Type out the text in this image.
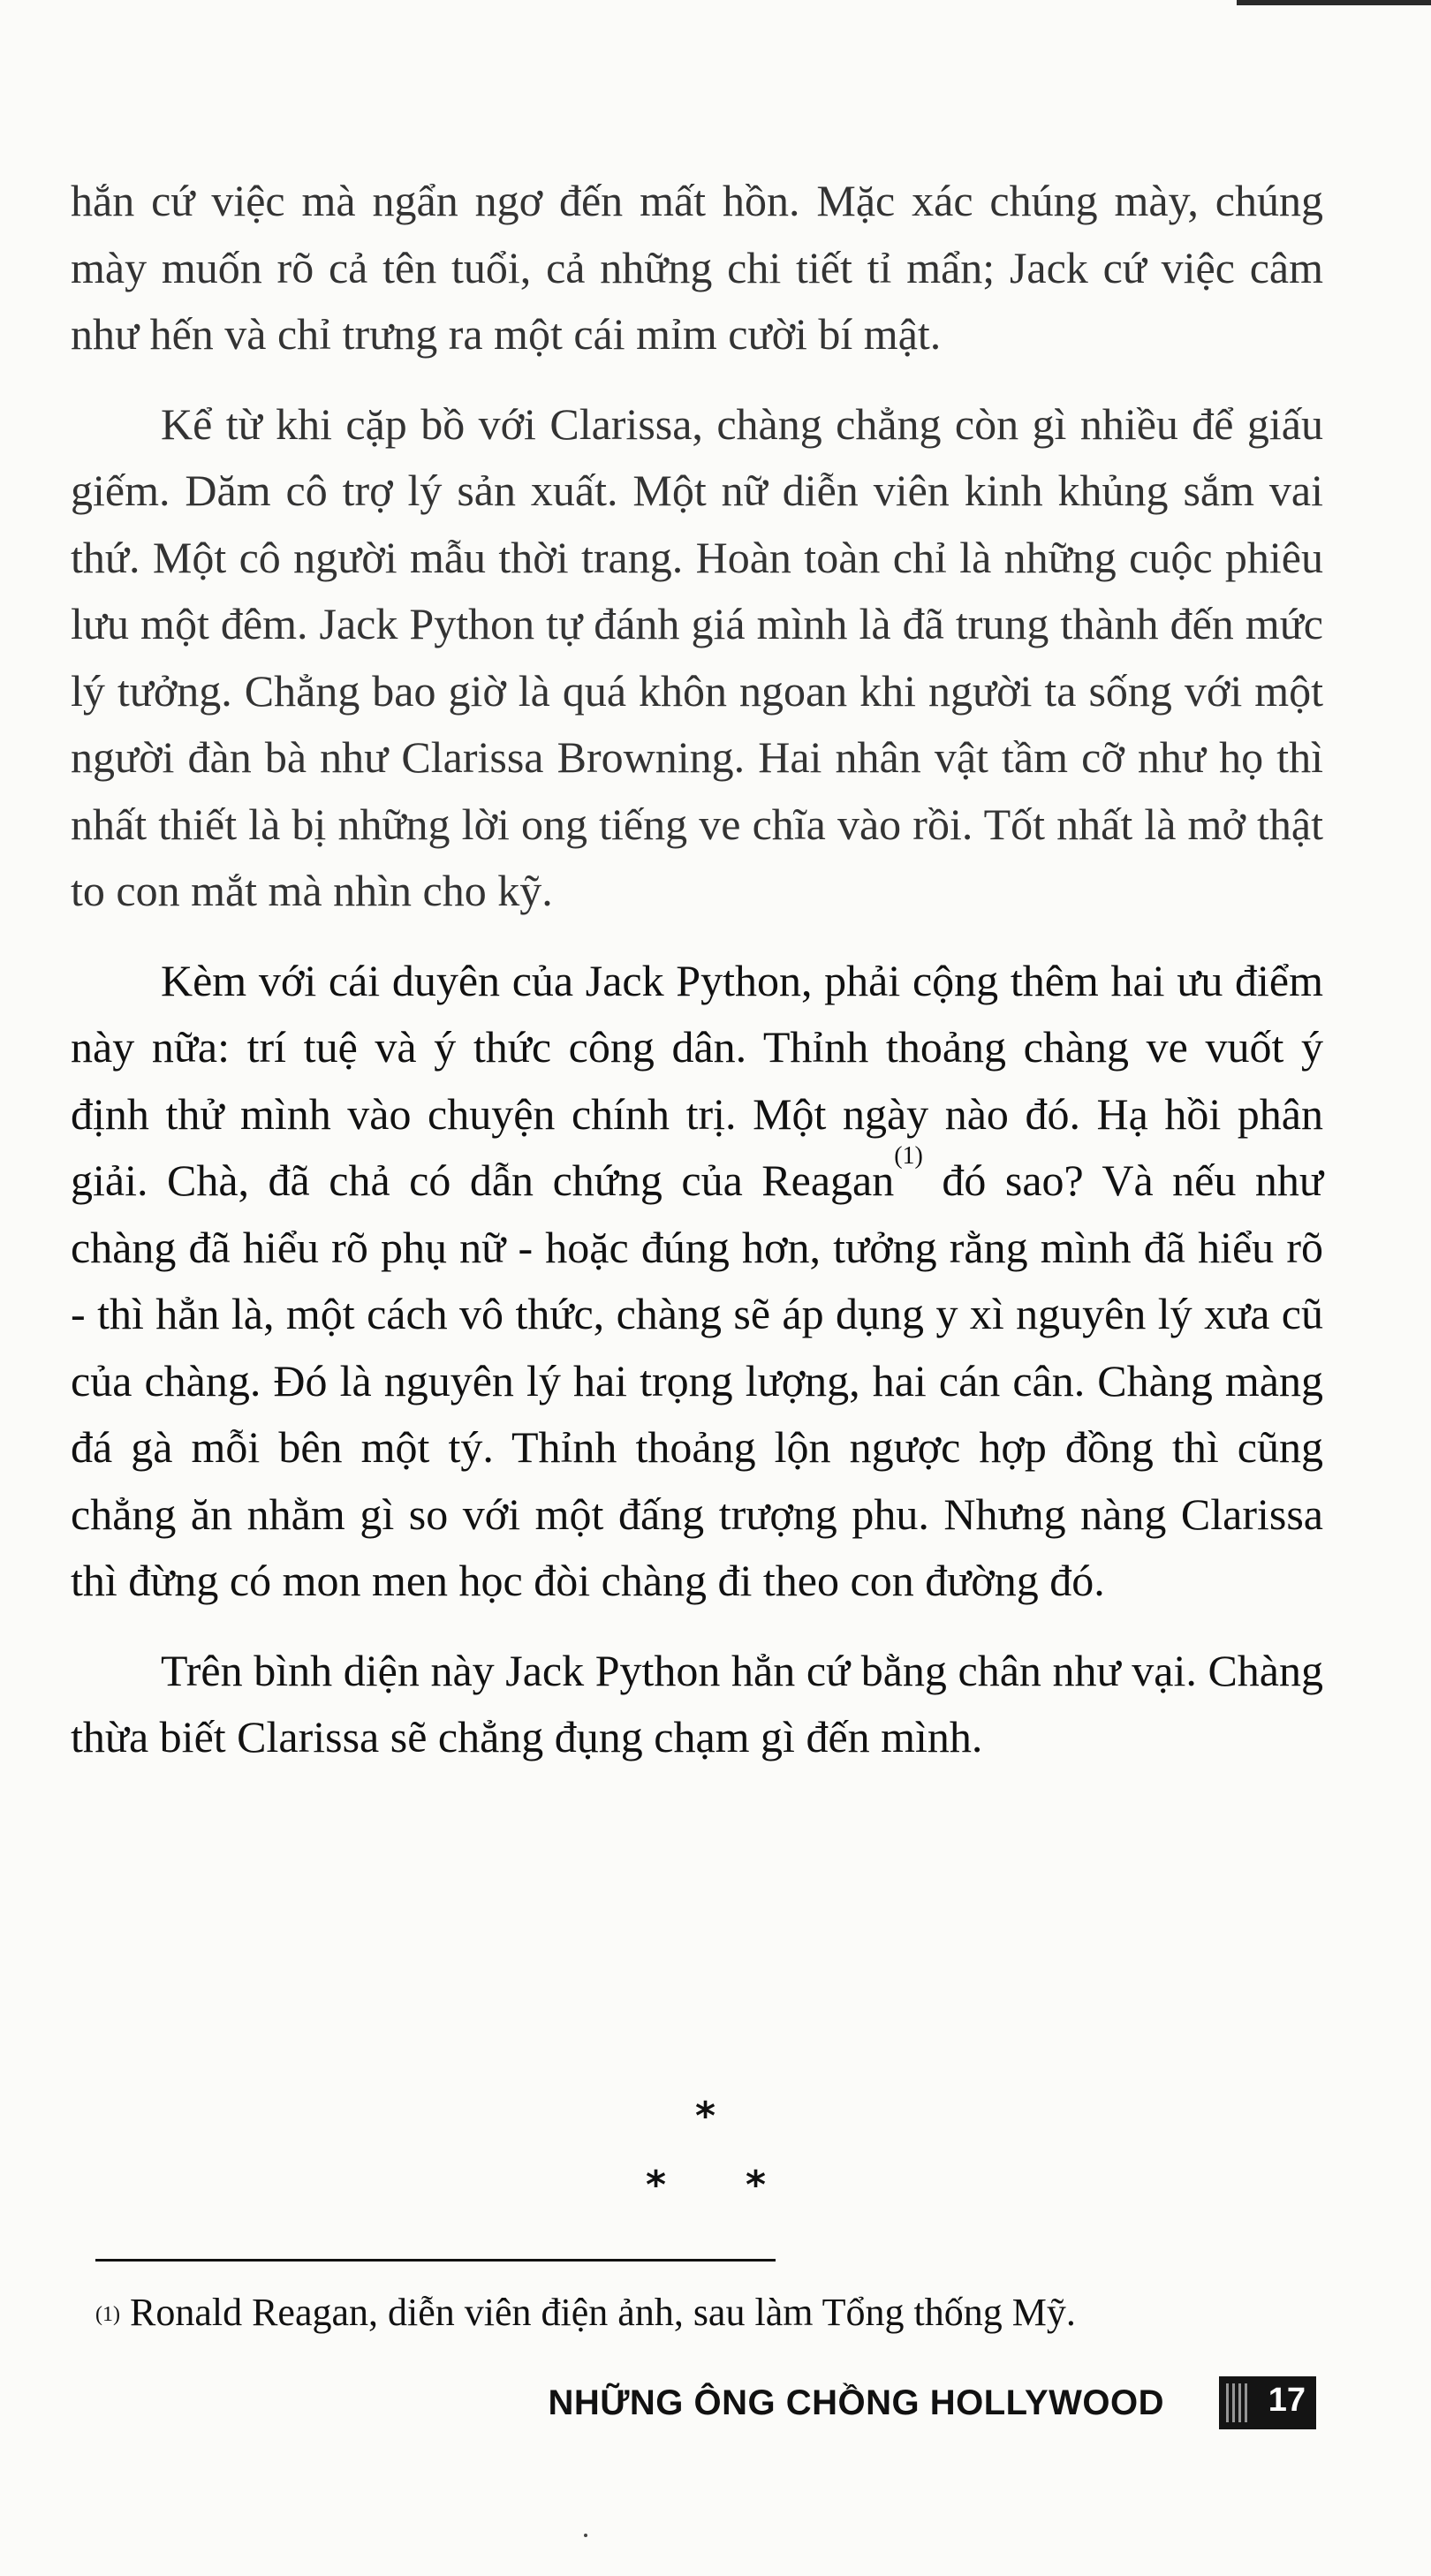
hắn cứ việc mà ngẩn ngơ đến mất hồn. Mặc xác chúng mày, chúng mày muốn rõ cả tên tuổi, cả những chi tiết tỉ mẩn; Jack cứ việc câm như hến và chỉ trưng ra một cái mỉm cười bí mật.

Kể từ khi cặp bồ với Clarissa, chàng chẳng còn gì nhiều để giấu giếm. Dăm cô trợ lý sản xuất. Một nữ diễn viên kinh khủng sắm vai thứ. Một cô người mẫu thời trang. Hoàn toàn chỉ là những cuộc phiêu lưu một đêm. Jack Python tự đánh giá mình là đã trung thành đến mức lý tưởng. Chẳng bao giờ là quá khôn ngoan khi người ta sống với một người đàn bà như Clarissa Browning. Hai nhân vật tầm cỡ như họ thì nhất thiết là bị những lời ong tiếng ve chĩa vào rồi. Tốt nhất là mở thật to con mắt mà nhìn cho kỹ.

Kèm với cái duyên của Jack Python, phải cộng thêm hai ưu điểm này nữa: trí tuệ và ý thức công dân. Thỉnh thoảng chàng ve vuốt ý định thử mình vào chuyện chính trị. Một ngày nào đó. Hạ hồi phân giải. Chà, đã chả có dẫn chứng của Reagan$^{(1)}$ đó sao? Và nếu như chàng đã hiểu rõ phụ nữ - hoặc đúng hơn, tưởng rằng mình đã hiểu rõ - thì hẳn là, một cách vô thức, chàng sẽ áp dụng y xì nguyên lý xưa cũ của chàng. Đó là nguyên lý hai trọng lượng, hai cán cân. Chàng màng đá gà mỗi bên một tý. Thỉnh thoảng lộn ngược hợp đồng thì cũng chẳng ăn nhằm gì so với một đấng trượng phu. Nhưng nàng Clarissa thì đừng có mon men học đòi chàng đi theo con đường đó.

Trên bình diện này Jack Python hẳn cứ bằng chân như vại. Chàng thừa biết Clarissa sẽ chẳng đụng chạm gì đến mình.

*
* *
$^{(1)}$ Ronald Reagan, diễn viên điện ảnh, sau làm Tổng thống Mỹ.
NHỮNG ÔNG CHỒNG HOLLYWOOD	17
